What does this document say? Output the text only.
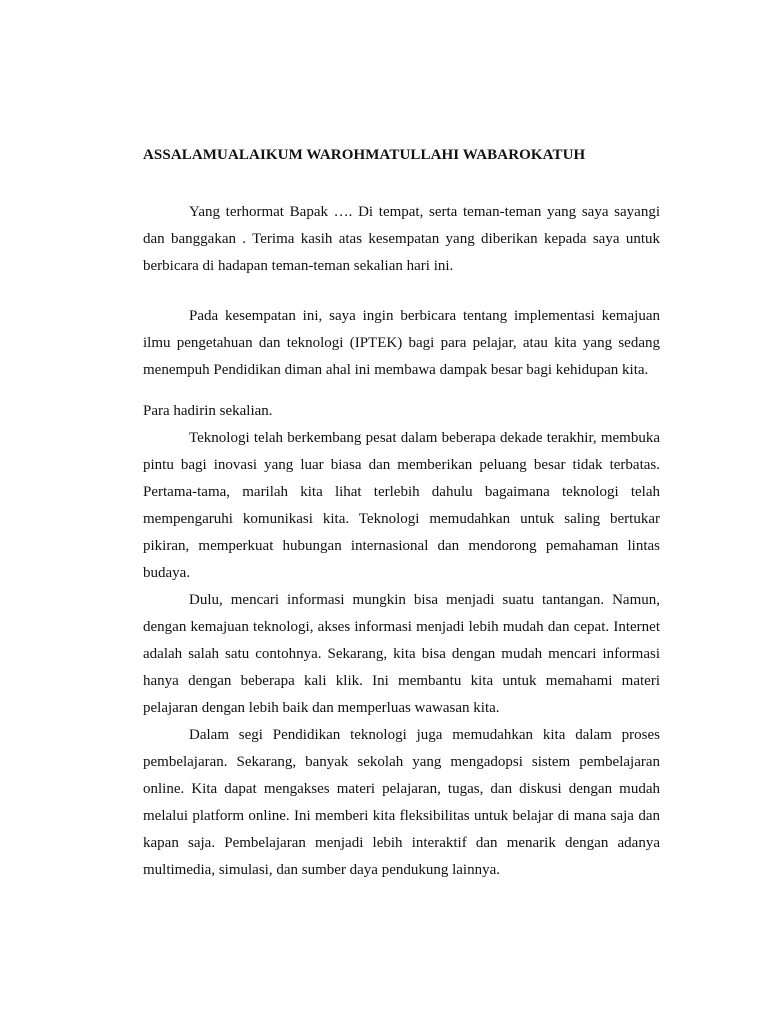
ASSALAMUALAIKUM WAROHMATULLAHI WABAROKATUH

Yang terhormat Bapak …. Di tempat, serta teman-teman yang saya sayangi dan banggakan . Terima kasih atas kesempatan yang diberikan kepada saya untuk berbicara di hadapan teman-teman sekalian hari ini.

Pada kesempatan ini, saya ingin berbicara tentang implementasi kemajuan ilmu pengetahuan dan teknologi (IPTEK) bagi para pelajar, atau kita yang sedang menempuh Pendidikan diman ahal ini membawa dampak besar bagi kehidupan kita.

Para hadirin sekalian.

Teknologi telah berkembang pesat dalam beberapa dekade terakhir, membuka pintu bagi inovasi yang luar biasa dan memberikan peluang besar tidak terbatas. Pertama-tama, marilah kita lihat terlebih dahulu bagaimana teknologi telah mempengaruhi komunikasi kita. Teknologi memudahkan untuk saling bertukar pikiran, memperkuat hubungan internasional dan mendorong pemahaman lintas budaya.

Dulu, mencari informasi mungkin bisa menjadi suatu tantangan. Namun, dengan kemajuan teknologi, akses informasi menjadi lebih mudah dan cepat. Internet adalah salah satu contohnya. Sekarang, kita bisa dengan mudah mencari informasi hanya dengan beberapa kali klik. Ini membantu kita untuk memahami materi pelajaran dengan lebih baik dan memperluas wawasan kita.

Dalam segi Pendidikan teknologi juga memudahkan kita dalam proses pembelajaran. Sekarang, banyak sekolah yang mengadopsi sistem pembelajaran online. Kita dapat mengakses materi pelajaran, tugas, dan diskusi dengan mudah melalui platform online. Ini memberi kita fleksibilitas untuk belajar di mana saja dan kapan saja. Pembelajaran menjadi lebih interaktif dan menarik dengan adanya multimedia, simulasi, dan sumber daya pendukung lainnya.
